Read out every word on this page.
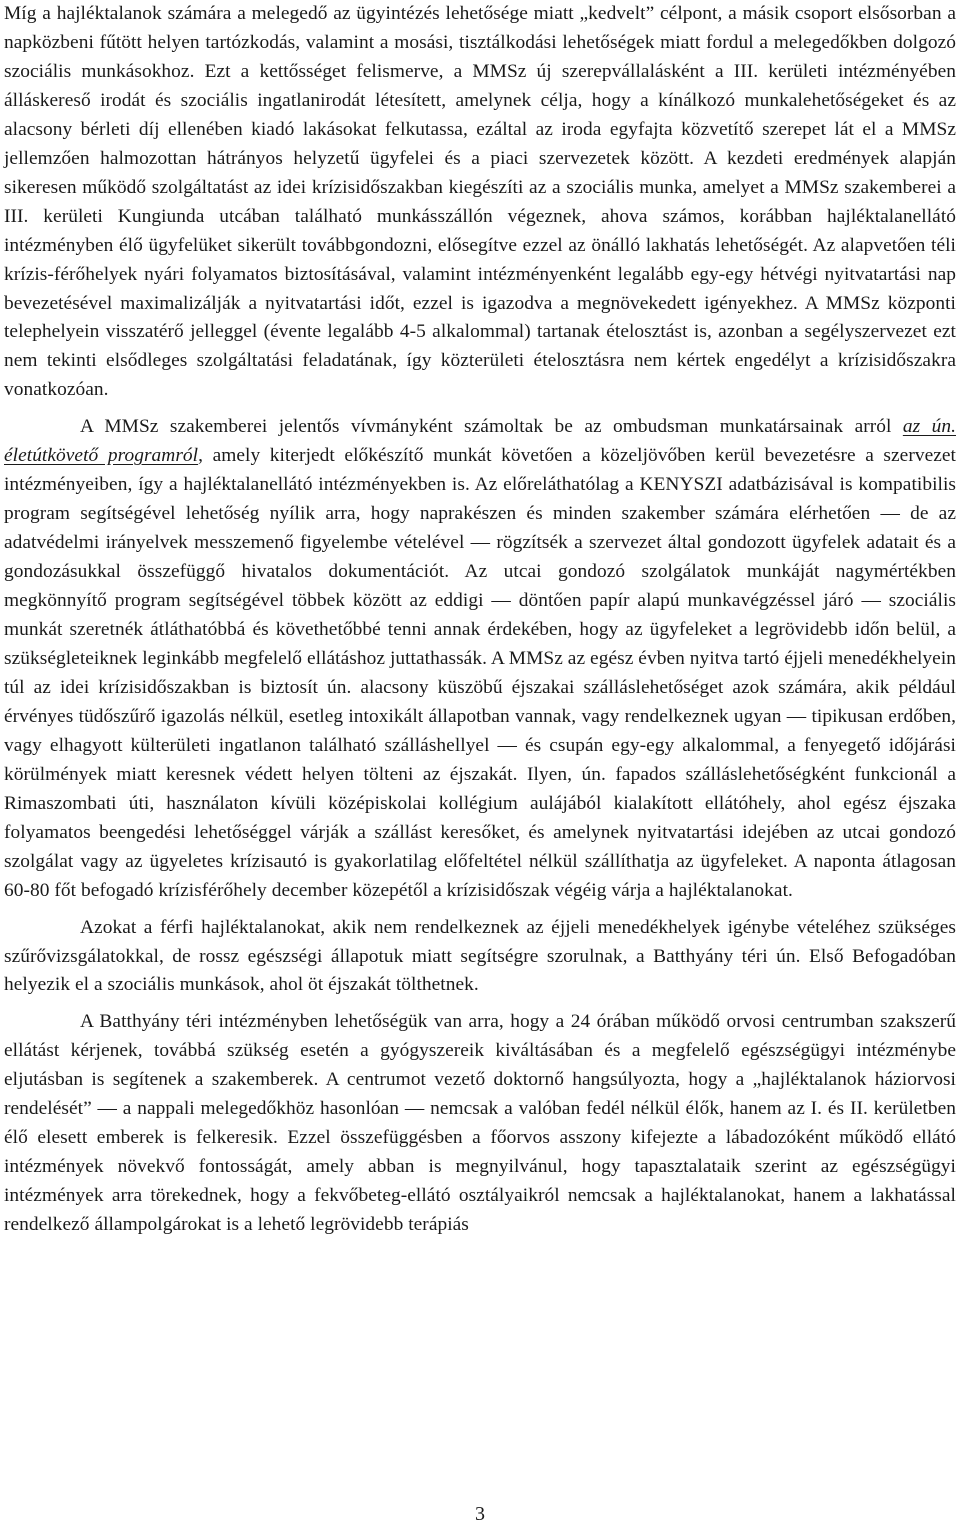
Míg a hajléktalanok számára a melegedő az ügyintézés lehetősége miatt „kedvelt” célpont, a másik csoport elsősorban a napközbeni fűtött helyen tartózkodás, valamint a mosási, tisztálkodási lehetőségek miatt fordul a melegedőkben dolgozó szociális munkásokhoz. Ezt a kettősséget felismerve, a MMSz új szerepvállalásként a III. kerületi intézményében álláskereső irodát és szociális ingatlanirodát létesített, amelynek célja, hogy a kínálkozó munkalehetőségeket és az alacsony bérleti díj ellenében kiadó lakásokat felkutassa, ezáltal az iroda egyfajta közvetítő szerepet lát el a MMSz jellemzően halmozottan hátrányos helyzetű ügyfelei és a piaci szervezetek között. A kezdeti eredmények alapján sikeresen működő szolgáltatást az idei krízisidőszakban kiegészíti az a szociális munka, amelyet a MMSz szakemberei a III. kerületi Kungiunda utcában található munkásszállón végeznek, ahova számos, korábban hajléktalanellátó intézményben élő ügyfelüket sikerült továbbgondozni, elősegítve ezzel az önálló lakhatás lehetőségét. Az alapvetően téli krízis-férőhelyek nyári folyamatos biztosításával, valamint intézményenként legalább egy-egy hétvégi nyitvatartási nap bevezetésével maximalizálják a nyitvatartási időt, ezzel is igazodva a megnövekedett igényekhez. A MMSz központi telephelyein visszatérő jelleggel (évente legalább 4-5 alkalommal) tartanak ételosztást is, azonban a segélyszervezet ezt nem tekinti elsődleges szolgáltatási feladatának, így közterületi ételosztásra nem kértek engedélyt a krízisidőszakra vonatkozóan.

A MMSz szakemberei jelentős vívmányként számoltak be az ombudsman munkatársainak arról az ún. életútkövető programról, amely kiterjedt előkészítő munkát követően a közeljövőben kerül bevezetésre a szervezet intézményeiben, így a hajléktalanellátó intézményekben is. Az előreláthatólag a KENYSZI adatbázisával is kompatibilis program segítségével lehetőség nyílik arra, hogy naprakészen és minden szakember számára elérhetően — de az adatvédelmi irányelvek messzemenő figyelembe vételével — rögzítsék a szervezet által gondozott ügyfelek adatait és a gondozásukkal összefüggő hivatalos dokumentációt. Az utcai gondozó szolgálatok munkáját nagymértékben megkönnyítő program segítségével többek között az eddigi — döntően papír alapú munkavégzéssel járó — szociális munkát szeretnék átláthatóbbá és követhetőbbé tenni annak érdekében, hogy az ügyfeleket a legrövidebb időn belül, a szükségleteiknek leginkább megfelelő ellátáshoz juttathassák. A MMSz az egész évben nyitva tartó éjjeli menedékhelyein túl az idei krízisidőszakban is biztosít ún. alacsony küszöbű éjszakai szálláslehetőséget azok számára, akik például érvényes tüdőszűrő igazolás nélkül, esetleg intoxikált állapotban vannak, vagy rendelkeznek ugyan — tipikusan erdőben, vagy elhagyott külterületi ingatlanon található szálláshellyel — és csupán egy-egy alkalommal, a fenyegető időjárási körülmények miatt keresnek védett helyen tölteni az éjszakát. Ilyen, ún. fapados szálláslehetőségként funkcionál a Rimaszombati úti, használaton kívüli középiskolai kollégium aulájából kialakított ellátóhely, ahol egész éjszaka folyamatos beengedési lehetőséggel várják a szállást keresőket, és amelynek nyitvatartási idejében az utcai gondozó szolgálat vagy az ügyeletes krízisautó is gyakorlatilag előfeltétel nélkül szállíthatja az ügyfeleket. A naponta átlagosan 60-80 főt befogadó krízisférőhely december közepétől a krízisidőszak végéig várja a hajléktalanokat.

Azokat a férfi hajléktalanokat, akik nem rendelkeznek az éjjeli menedékhelyek igénybe vételéhez szükséges szűrővizsgálatokkal, de rossz egészségi állapotuk miatt segítségre szorulnak, a Batthyány téri ún. Első Befogadóban helyezik el a szociális munkások, ahol öt éjszakát tölthetnek.

A Batthyány téri intézményben lehetőségük van arra, hogy a 24 órában működő orvosi centrumban szakszerű ellátást kérjenek, továbbá szükség esetén a gyógyszereik kiváltásában és a megfelelő egészségügyi intézménybe eljutásban is segítenek a szakemberek. A centrumot vezető doktornő hangsúlyozta, hogy a „hajléktalanok háziorvosi rendelését” — a nappali melegedőkhöz hasonlóan — nemcsak a valóban fedél nélkül élők, hanem az I. és II. kerületben élő elesett emberek is felkeresik. Ezzel összefüggésben a főorvos asszony kifejezte a lábadozóként működő ellátó intézmények növekvő fontosságát, amely abban is megnyilvánul, hogy tapasztalataik szerint az egészségügyi intézmények arra törekednek, hogy a fekvőbeteg-ellátó osztályaikról nemcsak a hajléktalanokat, hanem a lakhatással rendelkező állampolgárokat is a lehető legrövidebb terápiás

3
